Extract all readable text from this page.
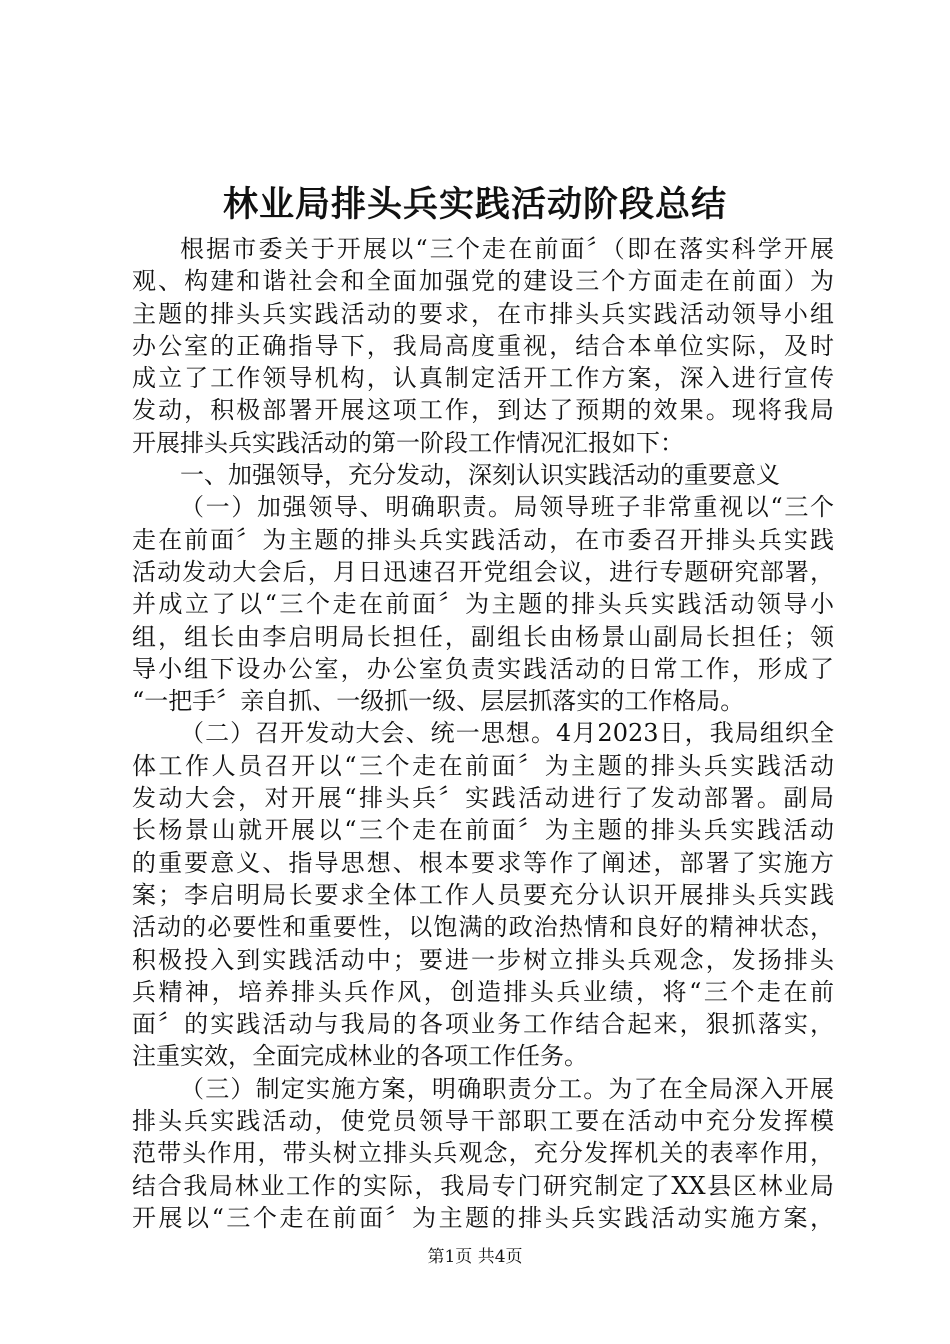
林业局排头兵实践活动阶段总结

根据市委关于开展以“三个走在前面〞（即在落实科学开展

观、构建和谐社会和全面加强党的建设三个方面走在前面）为

主题的排头兵实践活动的要求，在市排头兵实践活动领导小组

办公室的正确指导下，我局高度重视，结合本单位实际，及时

成立了工作领导机构，认真制定活开工作方案，深入进行宣传

发动，积极部署开展这项工作，到达了预期的效果。现将我局

开展排头兵实践活动的第一阶段工作情况汇报如下：

一、加强领导，充分发动，深刻认识实践活动的重要意义

（一）加强领导、明确职责。局领导班子非常重视以“三个

走在前面〞为主题的排头兵实践活动，在市委召开排头兵实践

活动发动大会后，月日迅速召开党组会议，进行专题研究部署，

并成立了以“三个走在前面〞为主题的排头兵实践活动领导小

组，组长由李启明局长担任，副组长由杨景山副局长担任；领

导小组下设办公室，办公室负责实践活动的日常工作，形成了

“一把手〞亲自抓、一级抓一级、层层抓落实的工作格局。

（二）召开发动大会、统一思想。4月2023日，我局组织全

体工作人员召开以“三个走在前面〞为主题的排头兵实践活动

发动大会，对开展“排头兵〞实践活动进行了发动部署。副局

长杨景山就开展以“三个走在前面〞为主题的排头兵实践活动

的重要意义、指导思想、根本要求等作了阐述，部署了实施方

案；李启明局长要求全体工作人员要充分认识开展排头兵实践

活动的必要性和重要性，以饱满的政治热情和良好的精神状态，

积极投入到实践活动中；要进一步树立排头兵观念，发扬排头

兵精神，培养排头兵作风，创造排头兵业绩，将“三个走在前

面〞的实践活动与我局的各项业务工作结合起来，狠抓落实，

注重实效，全面完成林业的各项工作任务。

（三）制定实施方案，明确职责分工。为了在全局深入开展

排头兵实践活动，使党员领导干部职工要在活动中充分发挥模

范带头作用，带头树立排头兵观念，充分发挥机关的表率作用，

结合我局林业工作的实际，我局专门研究制定了XX县区林业局

开展以“三个走在前面〞为主题的排头兵实践活动实施方案，

第1页 共4页
